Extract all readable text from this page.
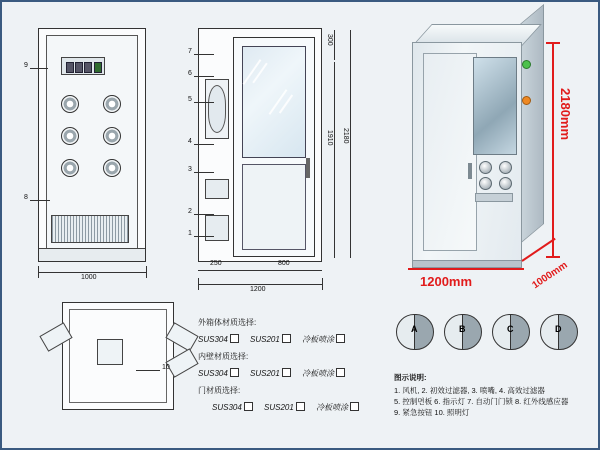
9
8
1000
7
6
5
4
3
2
1
250	800
1200
300
1910 2180
10
2180mm
1200mm	1000mm
外箱体材质选择:
SUS304	SUS201	冷板喷涂
内壁材质选择:
SUS304	SUS201	冷板喷涂
门材质选择:
SUS304	SUS201	冷板喷涂
A	B	C	D
图示说明:
1. 风机, 2. 初效过滤器, 3. 喷嘴, 4. 高效过滤器
5. 控制면板 6. 指示灯 7. 自动门门锁 8. 红外线感应器
9. 紧急按钮 10. 照明灯
